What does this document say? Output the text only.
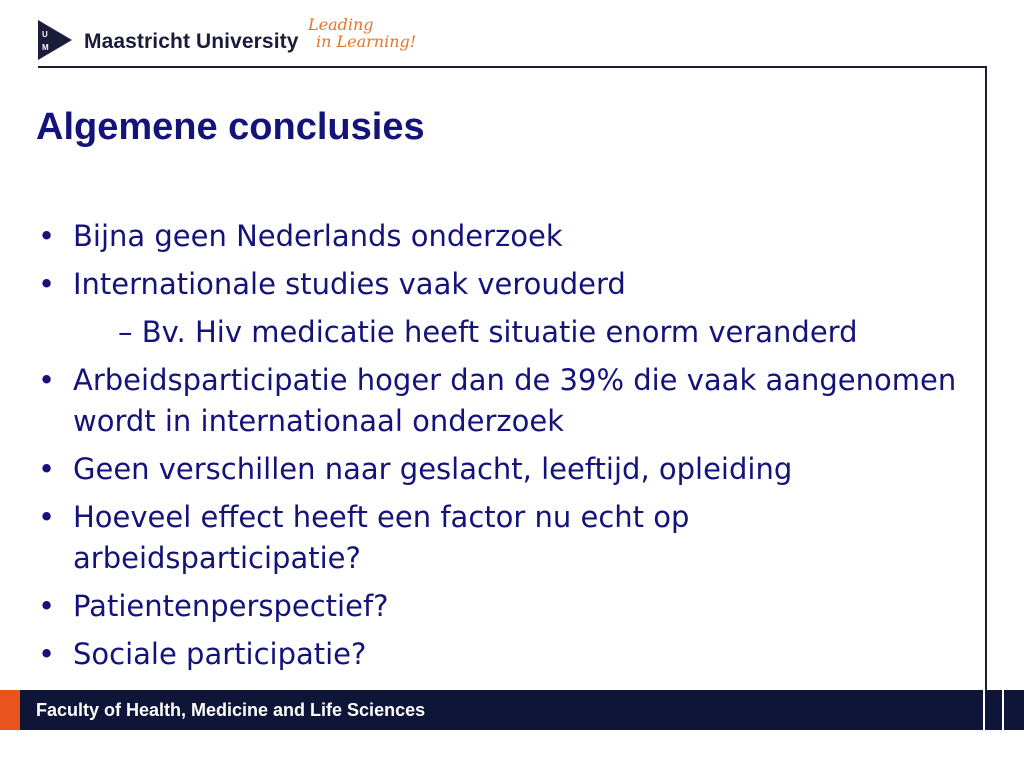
U
M Maastricht University
Leading
in Learning!
Algemene conclusies
• Bijna geen Nederlands onderzoek
• Internationale studies vaak verouderd
– Bv. Hiv medicatie heeft situatie enorm veranderd
• Arbeidsparticipatie hoger dan de 39% die vaak aangenomen wordt in internationaal onderzoek
• Geen verschillen naar geslacht, leeftijd, opleiding
• Hoeveel effect heeft een factor nu echt op arbeidsparticipatie?
• Patientenperspectief?
• Sociale participatie?
Faculty of Health, Medicine and Life Sciences
